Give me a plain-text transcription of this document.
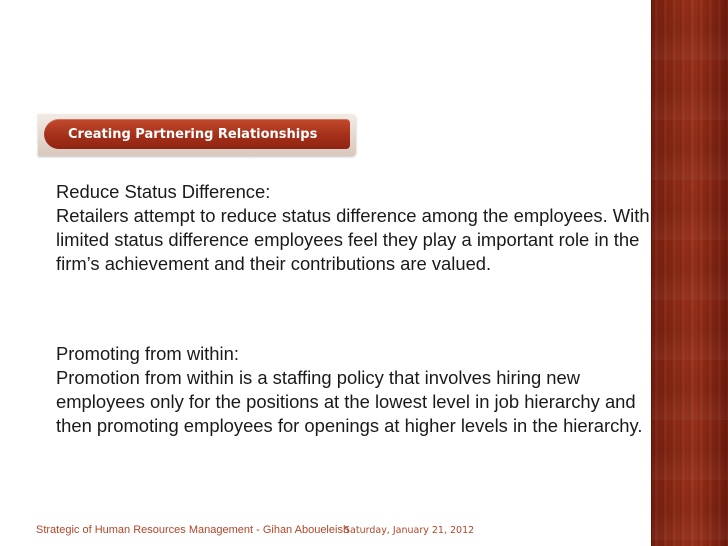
Creating Partnering Relationships

Reduce Status Difference:

Retailers attempt to reduce status difference among the employees. With

limited status difference employees feel they play a important role in the

firm’s achievement and their contributions are valued.

Promoting from within:

Promotion from within is a staffing policy that involves hiring new

employees only for the positions at the lowest level in job hierarchy and

then promoting employees for openings at higher levels in the hierarchy.

Strategic of Human Resources Management - Gihan Aboueleish
Saturday, January 21, 2012
